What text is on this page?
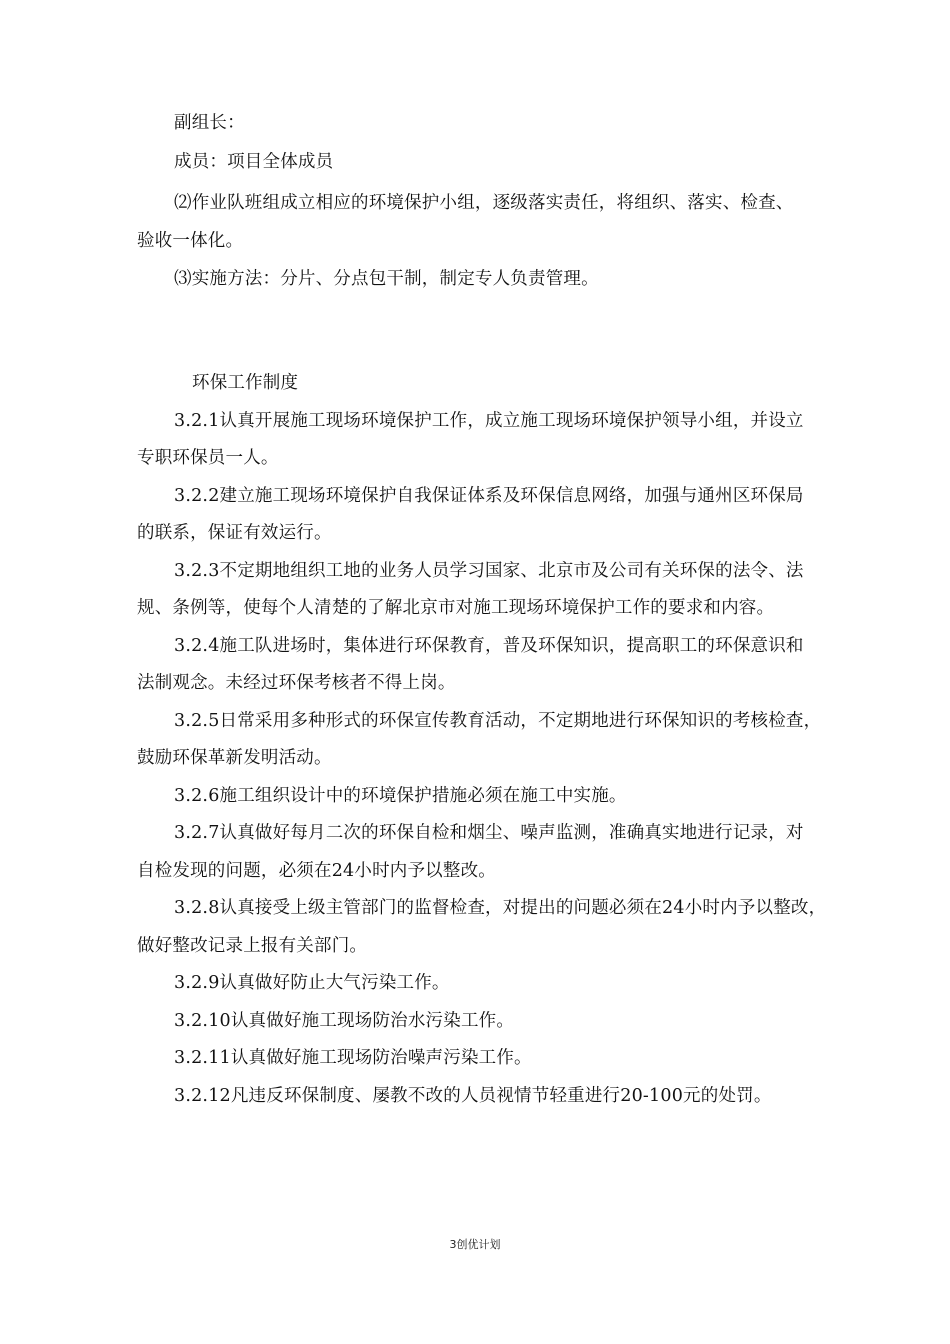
副组长：
成员：项目全体成员
⑵作业队班组成立相应的环境保护小组，逐级落实责任，将组织、落实、检查、
验收一体化。
⑶实施方法：分片、分点包干制，制定专人负责管理。
环保工作制度
3.2.1认真开展施工现场环境保护工作，成立施工现场环境保护领导小组，并设立
专职环保员一人。
3.2.2建立施工现场环境保护自我保证体系及环保信息网络，加强与通州区环保局
的联系，保证有效运行。
3.2.3不定期地组织工地的业务人员学习国家、北京市及公司有关环保的法令、法
规、条例等，使每个人清楚的了解北京市对施工现场环境保护工作的要求和内容。
3.2.4施工队进场时，集体进行环保教育，普及环保知识，提高职工的环保意识和
法制观念。未经过环保考核者不得上岗。
3.2.5日常采用多种形式的环保宣传教育活动，不定期地进行环保知识的考核检查，
鼓励环保革新发明活动。
3.2.6施工组织设计中的环境保护措施必须在施工中实施。
3.2.7认真做好每月二次的环保自检和烟尘、噪声监测，准确真实地进行记录，对
自检发现的问题，必须在24小时内予以整改。
3.2.8认真接受上级主管部门的监督检查，对提出的问题必须在24小时内予以整改，
做好整改记录上报有关部门。
3.2.9认真做好防止大气污染工作。
3.2.10认真做好施工现场防治水污染工作。
3.2.11认真做好施工现场防治噪声污染工作。
3.2.12凡违反环保制度、屡教不改的人员视情节轻重进行20-100元的处罚。
3创优计划
